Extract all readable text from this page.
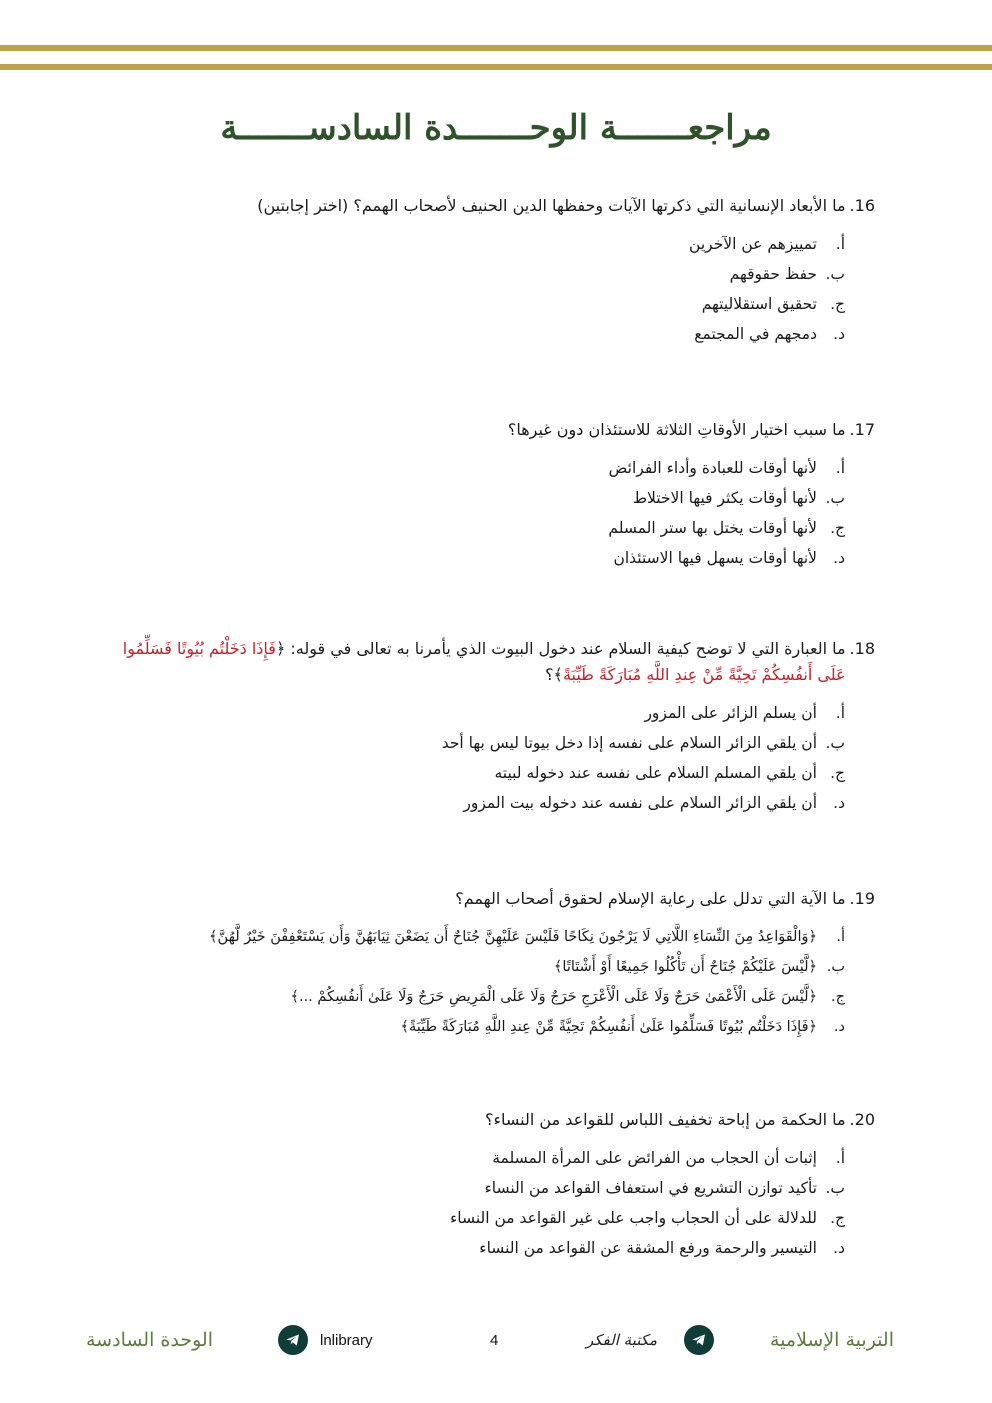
مراجعـــــــة الوحـــــــدة السادســـــــة
16.
ما الأبعاد الإنسانية التي ذكرتها الآيات وحفظها الدين الحنيف لأصحاب الهمم؟ (اختر إجابتين)
أ.
تمييزهم عن الآخرين
ب.
حفظ حقوقهم
ج.
تحقيق استقلاليتهم
د.
دمجهم في المجتمع
17.
ما سبب اختيار الأوقاتِ الثلاثة للاستئذان دون غيرها؟
أ.
لأنها أوقات للعبادة وأداء الفرائض
ب.
لأنها أوقات يكثر فيها الاختلاط
ج.
لأنها أوقات يختل بها ستر المسلم
د.
لأنها أوقات يسهل فيها الاستئذان
18.
ما العبارة التي لا توضح كيفية السلام عند دخول البيوت الذي يأمرنا به تعالى في قوله: ﴿فَإِذَا دَخَلْتُم بُيُوتًا فَسَلِّمُوا عَلَى أَنفُسِكُمْ تَحِيَّةً مِّنْ عِندِ اللَّهِ مُبَارَكَةً طَيِّبَةً﴾؟
أ.
أن يسلم الزائر على المزور
ب.
أن يلقي الزائر السلام على نفسه إذا دخل بيوتا ليس بها أحد
ج.
أن يلقي المسلم السلام على نفسه عند دخوله لبيته
د.
أن يلقي الزائر السلام على نفسه عند دخوله بيت المزور
19.
ما الآية التي تدلل على رعاية الإسلام لحقوق أصحاب الهمم؟
أ.
﴿وَالْقَوَاعِدُ مِنَ النِّسَاءِ اللَّاتِي لَا يَرْجُونَ نِكَاحًا فَلَيْسَ عَلَيْهِنَّ جُنَاحٌ أَن يَضَعْنَ ثِيَابَهُنَّ وَأَن يَسْتَعْفِفْنَ خَيْرٌ لَّهُنَّ﴾
ب.
﴿لَّيْسَ عَلَيْكُمْ جُنَاحٌ أَن تَأْكُلُوا جَمِيعًا أَوْ أَشْتَاتًا﴾
ج.
﴿لَّيْسَ عَلَى الْأَعْمَىٰ حَرَجٌ وَلَا عَلَى الْأَعْرَجِ حَرَجٌ وَلَا عَلَى الْمَرِيضِ حَرَجٌ وَلَا عَلَىٰ أَنفُسِكُمْ ...﴾
د.
﴿فَإِذَا دَخَلْتُم بُيُوتًا فَسَلِّمُوا عَلَىٰ أَنفُسِكُمْ تَحِيَّةً مِّنْ عِندِ اللَّهِ مُبَارَكَةً طَيِّبَةً﴾
20.
ما الحكمة من إباحة تخفيف اللباس للقواعد من النساء؟
أ.
إثبات أن الحجاب من الفرائض على المرأة المسلمة
ب.
تأكيد توازن التشريع في استعفاف القواعد من النساء
ج.
للدلالة على أن الحجاب واجب على غير القواعد من النساء
د.
التيسير والرحمة ورفع المشقة عن القواعد من النساء
التربية الإسلامية
مكتبة الفكر
4
lnlibrary
الوحدة السادسة
